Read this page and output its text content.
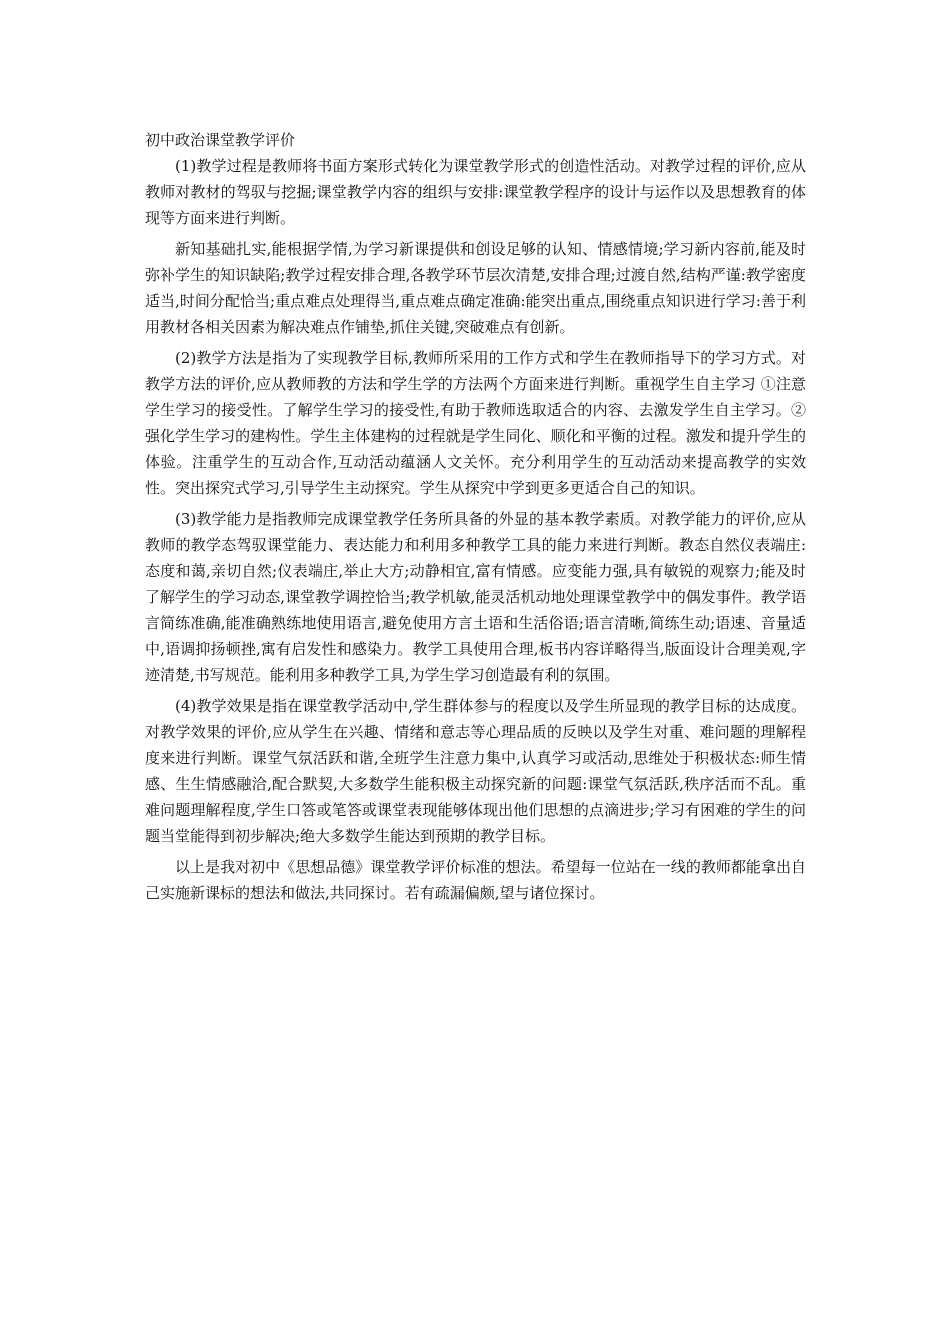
初中政治课堂教学评价

(1)教学过程是教师将书面方案形式转化为课堂教学形式的创造性活动。对教学过程的评价,应从教师对教材的驾驭与挖掘;课堂教学内容的组织与安排:课堂教学程序的设计与运作以及思想教育的体现等方面来进行判断。

新知基础扎实,能根据学情,为学习新课提供和创设足够的认知、情感情境;学习新内容前,能及时弥补学生的知识缺陷;教学过程安排合理,各教学环节层次清楚,安排合理;过渡自然,结构严谨:教学密度适当,时间分配恰当;重点难点处理得当,重点难点确定准确:能突出重点,围绕重点知识进行学习:善于利用教材各相关因素为解决难点作铺垫,抓住关键,突破难点有创新。

(2)教学方法是指为了实现教学目标,教师所采用的工作方式和学生在教师指导下的学习方式。对教学方法的评价,应从教师教的方法和学生学的方法两个方面来进行判断。重视学生自主学习 ①注意学生学习的接受性。了解学生学习的接受性,有助于教师选取适合的内容、去激发学生自主学习。②强化学生学习的建构性。学生主体建构的过程就是学生同化、顺化和平衡的过程。激发和提升学生的体验。注重学生的互动合作,互动活动蕴涵人文关怀。充分利用学生的互动活动来提高教学的实效性。突出探究式学习,引导学生主动探究。学生从探究中学到更多更适合自己的知识。

(3)教学能力是指教师完成课堂教学任务所具备的外显的基本教学素质。对教学能力的评价,应从教师的教学态驾驭课堂能力、表达能力和利用多种教学工具的能力来进行判断。教态自然仪表端庄:态度和蔼,亲切自然;仪表端庄,举止大方;动静相宜,富有情感。应变能力强,具有敏锐的观察力;能及时了解学生的学习动态,课堂教学调控恰当;教学机敏,能灵活机动地处理课堂教学中的偶发事件。教学语言简练准确,能准确熟练地使用语言,避免使用方言土语和生活俗语;语言清晰,简练生动;语速、音量适中,语调抑扬顿挫,寓有启发性和感染力。教学工具使用合理,板书内容详略得当,版面设计合理美观,字迹清楚,书写规范。能利用多种教学工具,为学生学习创造最有利的氛围。

(4)教学效果是指在课堂教学活动中,学生群体参与的程度以及学生所显现的教学目标的达成度。对教学效果的评价,应从学生在兴趣、情绪和意志等心理品质的反映以及学生对重、难问题的理解程度来进行判断。课堂气氛活跃和谐,全班学生注意力集中,认真学习或活动,思维处于积极状态:师生情感、生生情感融洽,配合默契,大多数学生能积极主动探究新的问题:课堂气氛活跃,秩序活而不乱。重难问题理解程度,学生口答或笔答或课堂表现能够体现出他们思想的点滴进步;学习有困难的学生的问题当堂能得到初步解决;绝大多数学生能达到预期的教学目标。

以上是我对初中《思想品德》课堂教学评价标准的想法。希望每一位站在一线的教师都能拿出自己实施新课标的想法和做法,共同探讨。若有疏漏偏颇,望与诸位探讨。
